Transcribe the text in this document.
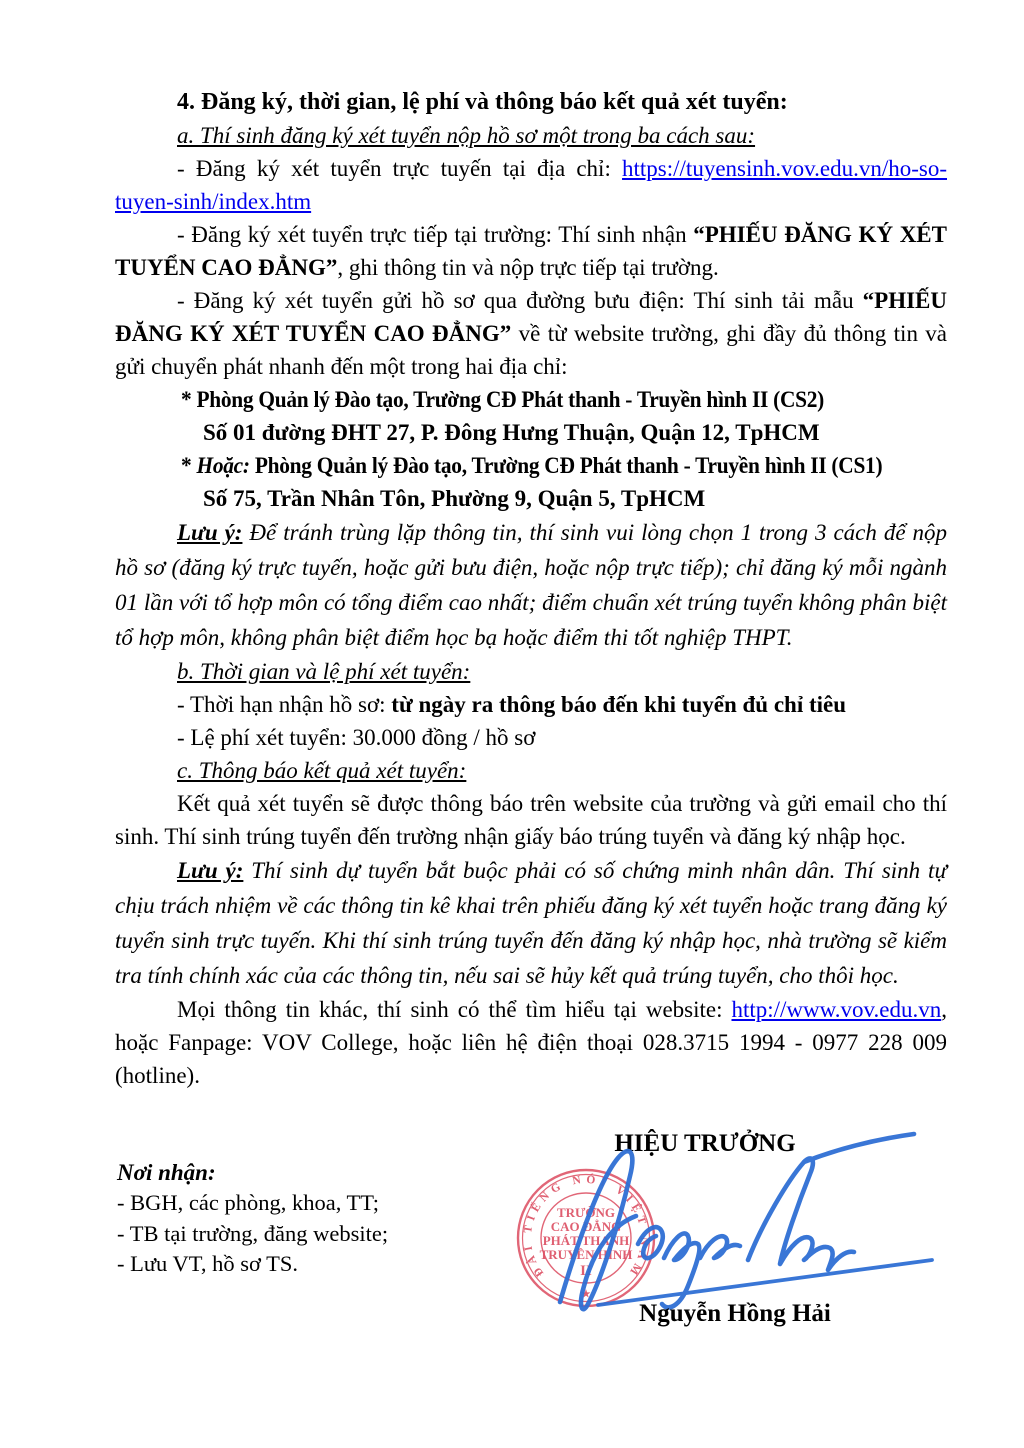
4. Đăng ký, thời gian, lệ phí và thông báo kết quả xét tuyển:

a. Thí sinh đăng ký xét tuyển nộp hồ sơ một trong ba cách sau:

- Đăng ký xét tuyển trực tuyến tại địa chỉ: https://tuyensinh.vov.edu.vn/ho-so-tuyen-sinh/index.htm

- Đăng ký xét tuyển trực tiếp tại trường: Thí sinh nhận “PHIẾU ĐĂNG KÝ XÉT TUYỂN CAO ĐẲNG”, ghi thông tin và nộp trực tiếp tại trường.

- Đăng ký xét tuyển gửi hồ sơ qua đường bưu điện: Thí sinh tải mẫu “PHIẾU ĐĂNG KÝ XÉT TUYỂN CAO ĐẲNG” về từ website trường, ghi đầy đủ thông tin và gửi chuyển phát nhanh đến một trong hai địa chỉ:

* Phòng Quản lý Đào tạo, Trường CĐ Phát thanh - Truyền hình II (CS2)

Số 01 đường ĐHT 27, P. Đông Hưng Thuận, Quận 12, TpHCM

* Hoặc: Phòng Quản lý Đào tạo, Trường CĐ Phát thanh - Truyền hình II (CS1)

Số 75, Trần Nhân Tôn, Phường 9, Quận 5, TpHCM

Lưu ý: Để tránh trùng lặp thông tin, thí sinh vui lòng chọn 1 trong 3 cách để nộp hồ sơ (đăng ký trực tuyến, hoặc gửi bưu điện, hoặc nộp trực tiếp); chỉ đăng ký mỗi ngành 01 lần với tổ hợp môn có tổng điểm cao nhất; điểm chuẩn xét trúng tuyển không phân biệt tổ hợp môn, không phân biệt điểm học bạ hoặc điểm thi tốt nghiệp THPT.

b. Thời gian và lệ phí xét tuyển:

- Thời hạn nhận hồ sơ: từ ngày ra thông báo đến khi tuyển đủ chỉ tiêu

- Lệ phí xét tuyển: 30.000 đồng / hồ sơ

c. Thông báo kết quả xét tuyển:

Kết quả xét tuyển sẽ được thông báo trên website của trường và gửi email cho thí sinh. Thí sinh trúng tuyển đến trường nhận giấy báo trúng tuyển và đăng ký nhập học.

Lưu ý: Thí sinh dự tuyển bắt buộc phải có số chứng minh nhân dân. Thí sinh tự chịu trách nhiệm về các thông tin kê khai trên phiếu đăng ký xét tuyển hoặc trang đăng ký tuyển sinh trực tuyến. Khi thí sinh trúng tuyển đến đăng ký nhập học, nhà trường sẽ kiểm tra tính chính xác của các thông tin, nếu sai sẽ hủy kết quả trúng tuyển, cho thôi học.

Mọi thông tin khác, thí sinh có thể tìm hiểu tại website: http://www.vov.edu.vn, hoặc Fanpage: VOV College, hoặc liên hệ điện thoại 028.3715 1994 - 0977 228 009 (hotline).

HIỆU TRƯỞNG
Nơi nhận:
- BGH, các phòng, khoa, TT;
- TB tại trường, đăng website;
- Lưu VT, hồ sơ TS.	ĐÀI TIẾNG NÓI VIỆT NAM
TRƯỜNG
CAO ĐẲNG
PHÁT THANH
TRUYỀN HÌNH
II
★
Nguyễn Hồng Hải
